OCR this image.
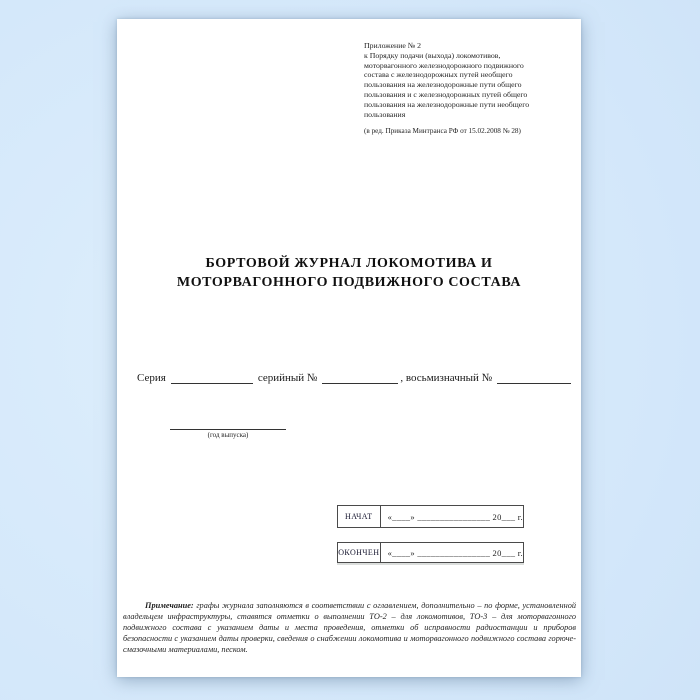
Приложение № 2
к Порядку подачи (выхода) локомотивов,
моторвагонного железнодорожного подвижного
состава с железнодорожных путей необщего
пользования на железнодорожные пути общего
пользования и с железнодорожных путей общего
пользования на железнодорожные пути необщего
пользования
(в ред. Приказа Минтранса РФ от 15.02.2008 № 28)
БОРТОВОЙ ЖУРНАЛ ЛОКОМОТИВА И
МОТОРВАГОННОГО ПОДВИЖНОГО СОСТАВА
Серия	серийный №	, восьмизначный №
(год выпуска)
НАЧАТ	«____» ________________ 20___ г.
ОКОНЧЕН «____» ________________ 20___ г.
Примечание: графы журнала заполняются в соответствии с оглавлением, дополнительно – по форме, установленной владельцем инфраструктуры, ставятся отметки о выполнении ТО-2 – для локомотивов, ТО-3 – для моторвагонного подвижного состава с указанием даты и места проведения, отметки об исправности радиостанции и приборов безопасности с указанием даты проверки, сведения о снабжении локомотива и моторвагонного подвижного состава горюче-смазочными материалами, песком.
